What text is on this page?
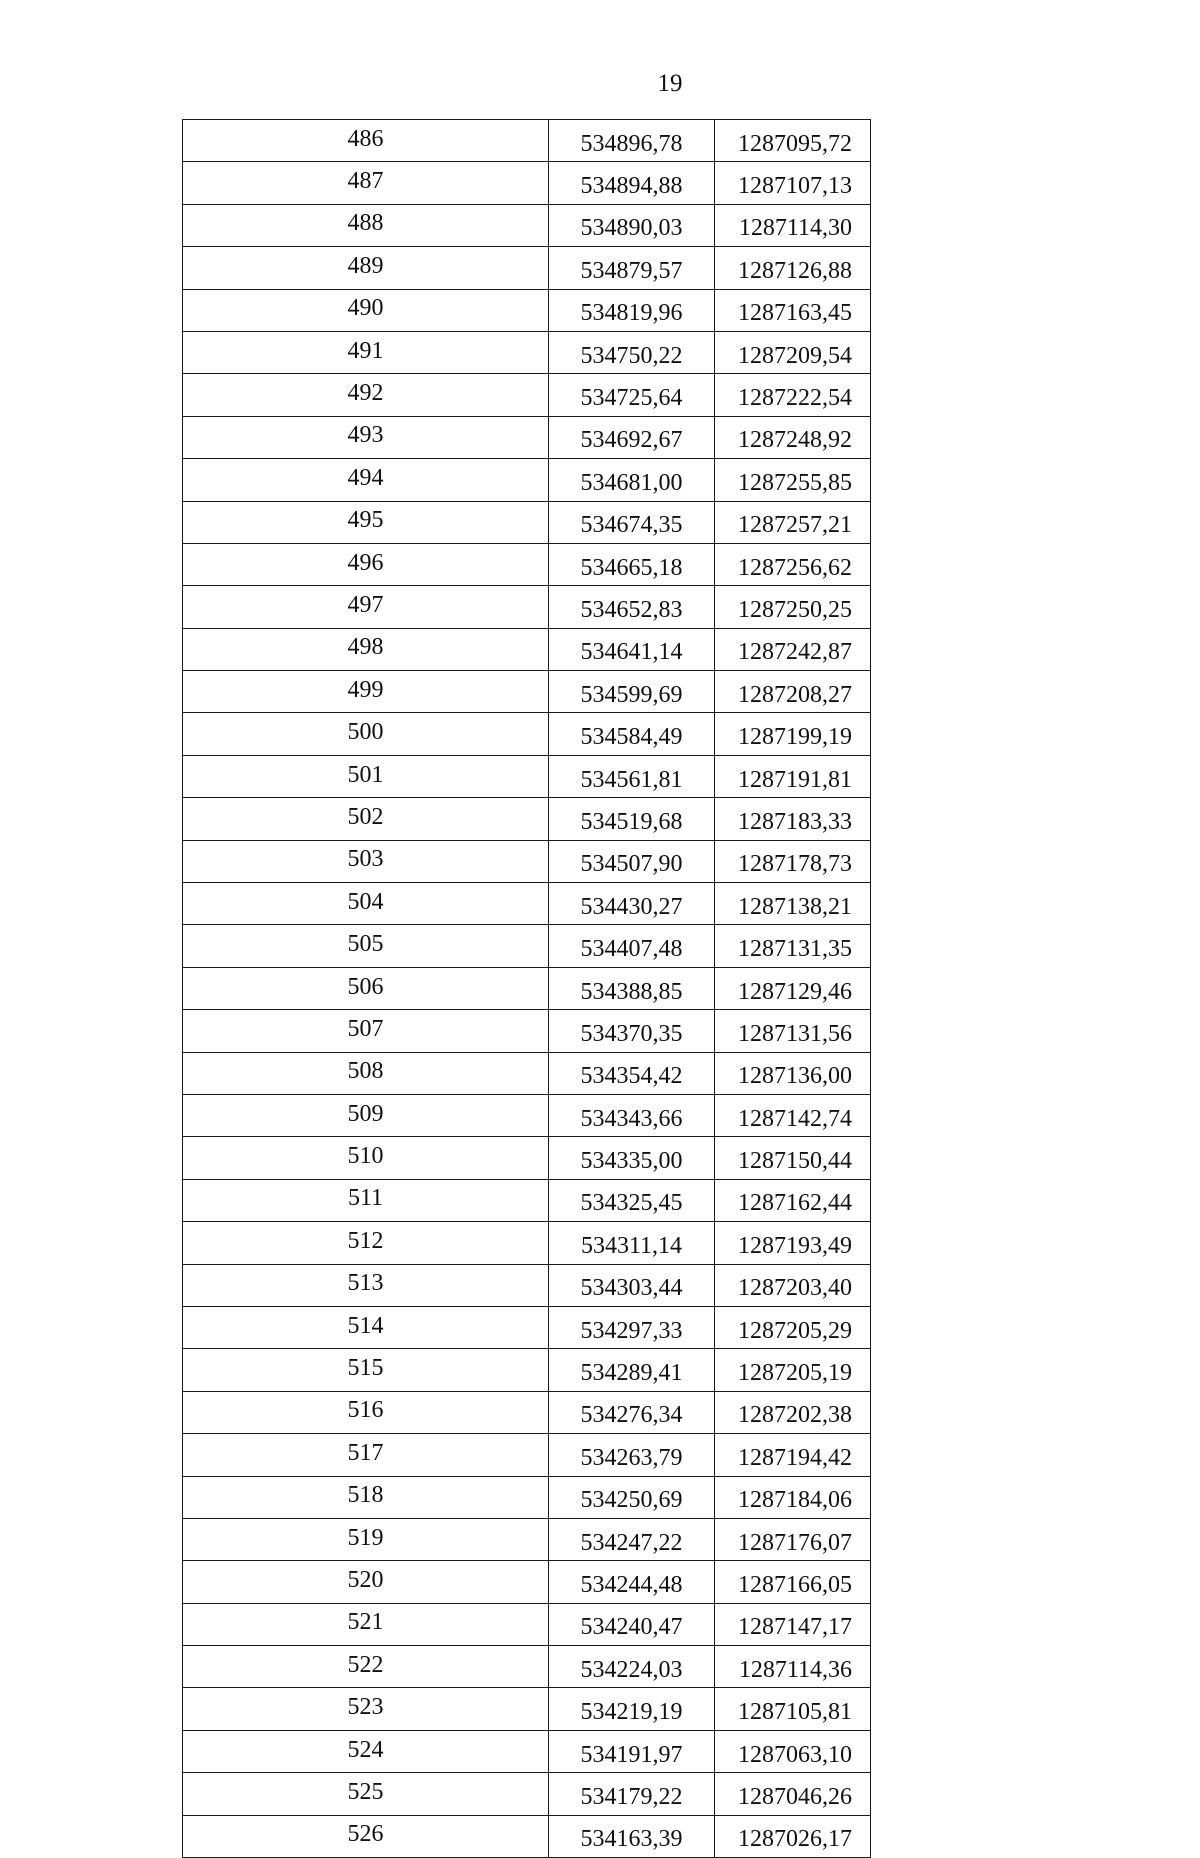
19
486	534896,78	1287095,72
487	534894,88	1287107,13
488	534890,03	1287114,30
489	534879,57	1287126,88
490	534819,96	1287163,45
491	534750,22	1287209,54
492	534725,64	1287222,54
493	534692,67	1287248,92
494	534681,00	1287255,85
495	534674,35	1287257,21
496	534665,18	1287256,62
497	534652,83	1287250,25
498	534641,14	1287242,87
499	534599,69	1287208,27
500	534584,49	1287199,19
501	534561,81	1287191,81
502	534519,68	1287183,33
503	534507,90	1287178,73
504	534430,27	1287138,21
505	534407,48	1287131,35
506	534388,85	1287129,46
507	534370,35	1287131,56
508	534354,42	1287136,00
509	534343,66	1287142,74
510	534335,00	1287150,44
511	534325,45	1287162,44
512	534311,14	1287193,49
513	534303,44	1287203,40
514	534297,33	1287205,29
515	534289,41	1287205,19
516	534276,34	1287202,38
517	534263,79	1287194,42
518	534250,69	1287184,06
519	534247,22	1287176,07
520	534244,48	1287166,05
521	534240,47	1287147,17
522	534224,03	1287114,36
523	534219,19	1287105,81
524	534191,97	1287063,10
525	534179,22	1287046,26
526	534163,39	1287026,17
